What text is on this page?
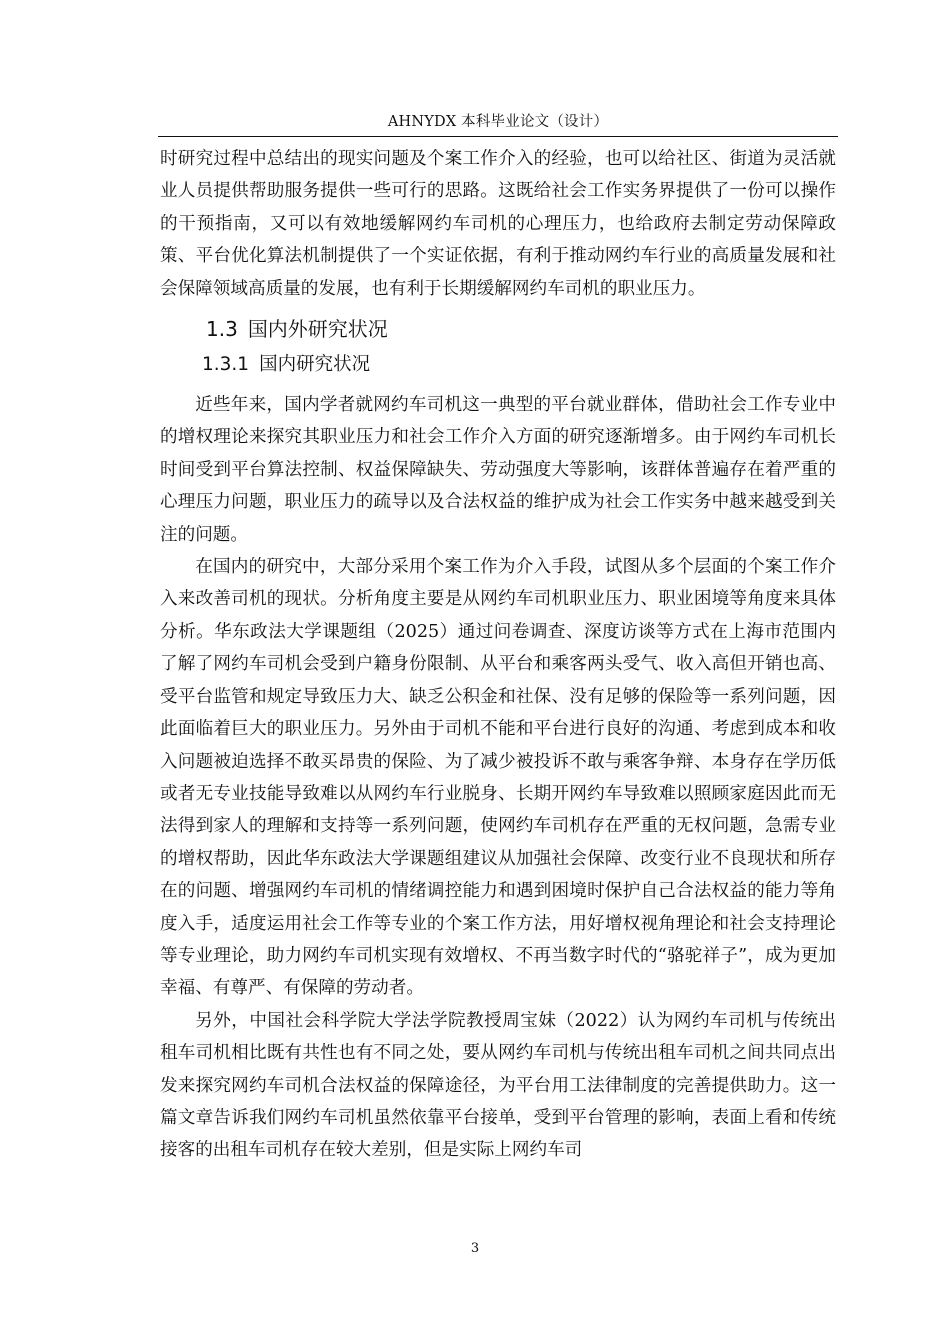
AHNYDX 本科毕业论文（设计）

时研究过程中总结出的现实问题及个案工作介入的经验，也可以给社区、街道为灵活就业人员提供帮助服务提供一些可行的思路。这既给社会工作实务界提供了一份可以操作的干预指南，又可以有效地缓解网约车司机的心理压力，也给政府去制定劳动保障政策、平台优化算法机制提供了一个实证依据，有利于推动网约车行业的高质量发展和社会保障领域高质量的发展，也有利于长期缓解网约车司机的职业压力。

1.3 国内外研究状况
1.3.1 国内研究状况

近些年来，国内学者就网约车司机这一典型的平台就业群体，借助社会工作专业中的增权理论来探究其职业压力和社会工作介入方面的研究逐渐增多。由于网约车司机长时间受到平台算法控制、权益保障缺失、劳动强度大等影响，该群体普遍存在着严重的心理压力问题，职业压力的疏导以及合法权益的维护成为社会工作实务中越来越受到关注的问题。

在国内的研究中，大部分采用个案工作为介入手段，试图从多个层面的个案工作介入来改善司机的现状。分析角度主要是从网约车司机职业压力、职业困境等角度来具体分析。华东政法大学课题组（2025）通过问卷调查、深度访谈等方式在上海市范围内了解了网约车司机会受到户籍身份限制、从平台和乘客两头受气、收入高但开销也高、受平台监管和规定导致压力大、缺乏公积金和社保、没有足够的保险等一系列问题，因此面临着巨大的职业压力。另外由于司机不能和平台进行良好的沟通、考虑到成本和收入问题被迫选择不敢买昂贵的保险、为了减少被投诉不敢与乘客争辩、本身存在学历低或者无专业技能导致难以从网约车行业脱身、长期开网约车导致难以照顾家庭因此而无法得到家人的理解和支持等一系列问题，使网约车司机存在严重的无权问题，急需专业的增权帮助，因此华东政法大学课题组建议从加强社会保障、改变行业不良现状和所存在的问题、增强网约车司机的情绪调控能力和遇到困境时保护自己合法权益的能力等角度入手，适度运用社会工作等专业的个案工作方法，用好增权视角理论和社会支持理论等专业理论，助力网约车司机实现有效增权、不再当数字时代的“骆驼祥子”，成为更加幸福、有尊严、有保障的劳动者。

另外，中国社会科学院大学法学院教授周宝妹（2022）认为网约车司机与传统出租车司机相比既有共性也有不同之处，要从网约车司机与传统出租车司机之间共同点出发来探究网约车司机合法权益的保障途径，为平台用工法律制度的完善提供助力。这一篇文章告诉我们网约车司机虽然依靠平台接单，受到平台管理的影响，表面上看和传统接客的出租车司机存在较大差别，但是实际上网约车司

3
